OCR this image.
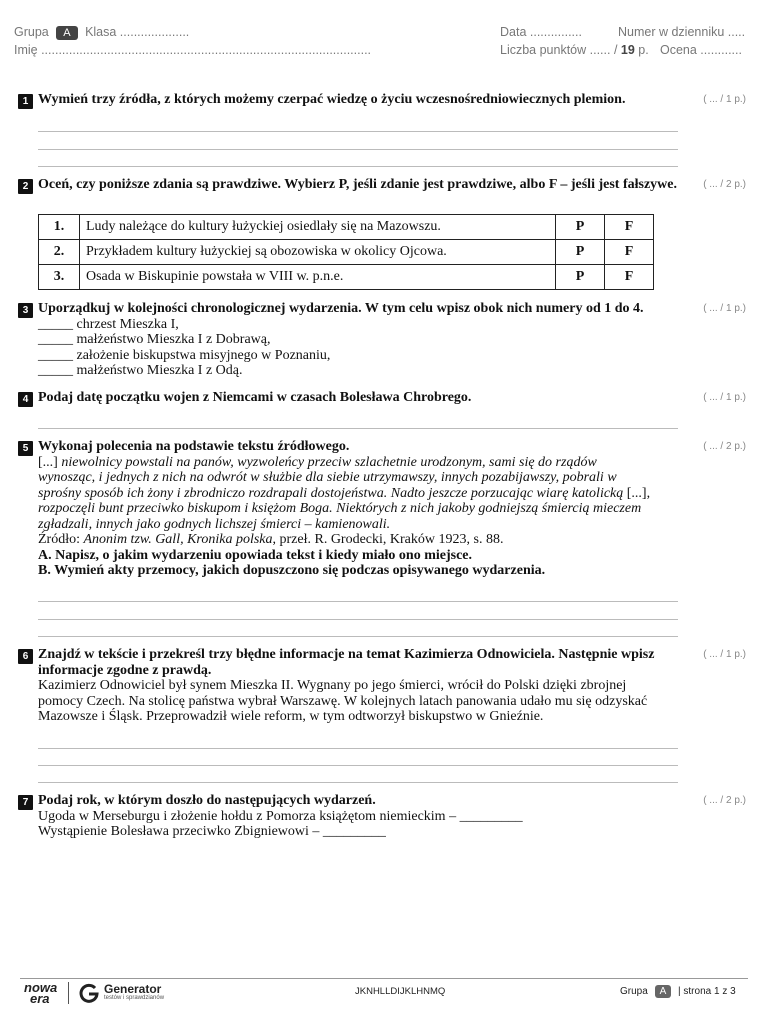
Grupa A Klasa ....................
Imię ...............................................................................................
Data ...............	Numer w dzienniku .....
Liczba punktów ...... / 19 p. Ocena ............
1 Wymień trzy źródła, z których możemy czerpać wiedzę o życiu wczesnośredniowiecznych plemion.	( ... / 1 p.)
2 Oceń, czy poniższe zdania są prawdziwe. Wybierz P, jeśli zdanie jest prawdziwe, albo F – jeśli jest fałszywe.	( ... / 2 p.)
1.	Ludy należące do kultury łużyckiej osiedlały się na Mazowszu.	P	F
2.	Przykładem kultury łużyckiej są obozowiska w okolicy Ojcowa.	P	F
3.	Osada w Biskupinie powstała w VIII w. p.n.e.	P	F
3 Uporządkuj w kolejności chronologicznej wydarzenia. W tym celu wpisz obok nich numery od 1 do 4.
_____ chrzest Mieszka I,
_____ małżeństwo Mieszka I z Dobrawą,
_____ założenie biskupstwa misyjnego w Poznaniu,
_____ małżeństwo Mieszka I z Odą.
( ... / 1 p.)
4 Podaj datę początku wojen z Niemcami w czasach Bolesława Chrobrego.	( ... / 1 p.)
5 Wykonaj polecenia na podstawie tekstu źródłowego.
[...] niewolnicy powstali na panów, wyzwoleńcy przeciw szlachetnie urodzonym, sami się do rządów
wynosząc, i jednych z nich na odwrót w służbie dla siebie utrzymawszy, innych pozabijawszy, pobrali w
sprośny sposób ich żony i zbrodniczo rozdrapali dostojeństwa. Nadto jeszcze porzucając wiarę katolicką [...],
rozpoczęli bunt przeciwko biskupom i księżom Boga. Niektórych z nich jakoby godniejszą śmiercią mieczem
zgładzali, innych jako godnych lichszej śmierci – kamienowali.
Źródło: Anonim tzw. Gall, Kronika polska, przeł. R. Grodecki, Kraków 1923, s. 88.
A. Napisz, o jakim wydarzeniu opowiada tekst i kiedy miało ono miejsce.
B. Wymień akty przemocy, jakich dopuszczono się podczas opisywanego wydarzenia.
( ... / 2 p.)
6 Znajdź w tekście i przekreśl trzy błędne informacje na temat Kazimierza Odnowiciela. Następnie wpisz
informacje zgodne z prawdą.
Kazimierz Odnowiciel był synem Mieszka II. Wygnany po jego śmierci, wrócił do Polski dzięki zbrojnej
pomocy Czech. Na stolicę państwa wybrał Warszawę. W kolejnych latach panowania udało mu się odzyskać
Mazowsze i Śląsk. Przeprowadził wiele reform, w tym odtworzył biskupstwo w Gnieźnie.
( ... / 1 p.)
7 Podaj rok, w którym doszło do następujących wydarzeń.
Ugoda w Merseburgu i złożenie hołdu z Pomorza książętom niemieckim – _________
Wystąpienie Bolesława przeciwko Zbigniewowi – _________
( ... / 2 p.)
nowa
era
Generator
testów i sprawdzianów
JKNHLLDIJKLHNMQ	Grupa A | strona 1 z 3
